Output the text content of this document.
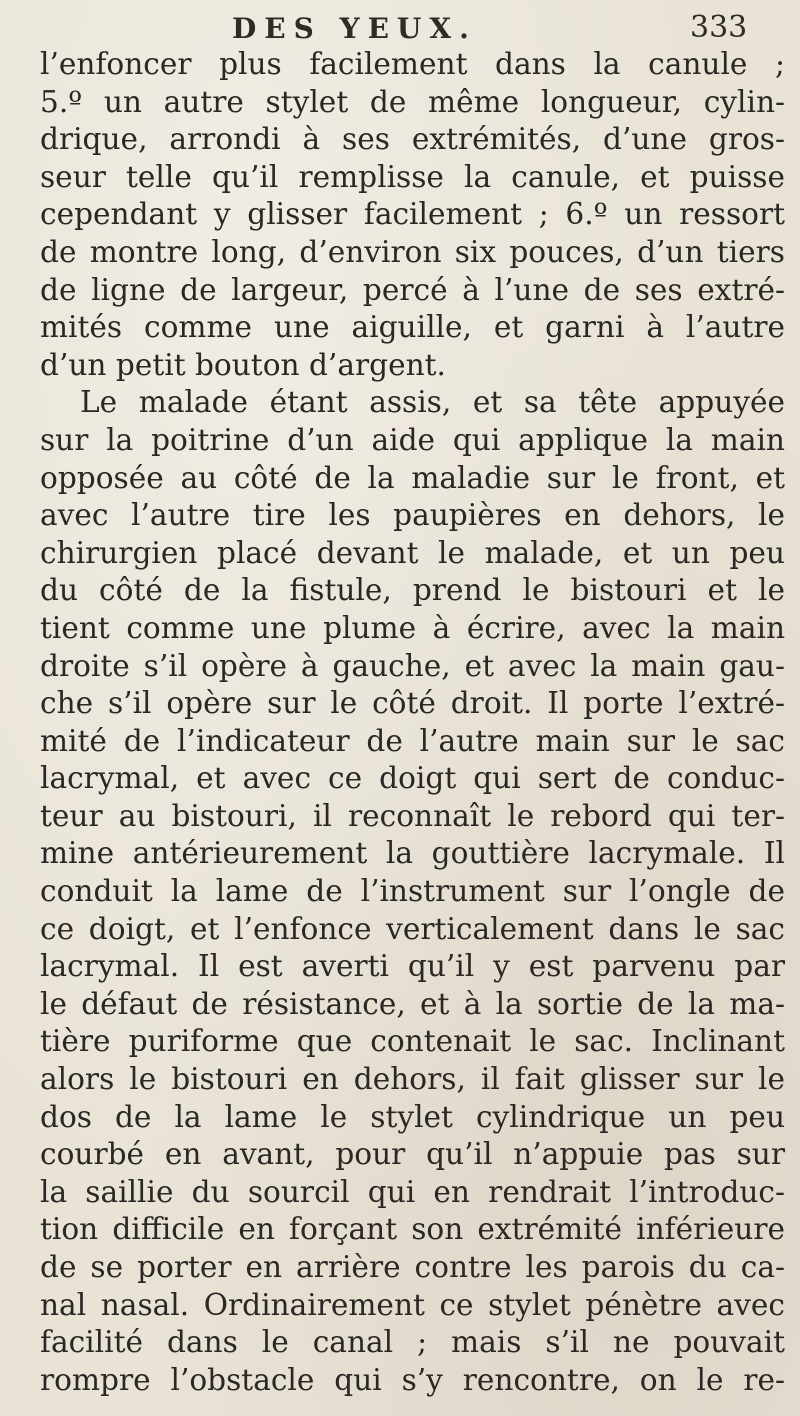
DES YEUX.	333
l’enfoncer plus facilement dans la canule ;
5.º un autre stylet de même longueur, cylin-
drique, arrondi à ses extrémités, d’une gros-
seur telle qu’il remplisse la canule, et puisse
cependant y glisser facilement ; 6.º un ressort
de montre long, d’environ six pouces, d’un tiers
de ligne de largeur, percé à l’une de ses extré-
mités comme une aiguille, et garni à l’autre
d’un petit bouton d’argent.
Le malade étant assis, et sa tête appuyée
sur la poitrine d’un aide qui applique la main
opposée au côté de la maladie sur le front, et
avec l’autre tire les paupières en dehors, le
chirurgien placé devant le malade, et un peu
du côté de la fistule, prend le bistouri et le
tient comme une plume à écrire, avec la main
droite s’il opère à gauche, et avec la main gau-
che s’il opère sur le côté droit. Il porte l’extré-
mité de l’indicateur de l’autre main sur le sac
lacrymal, et avec ce doigt qui sert de conduc-
teur au bistouri, il reconnaît le rebord qui ter-
mine antérieurement la gouttière lacrymale. Il
conduit la lame de l’instrument sur l’ongle de
ce doigt, et l’enfonce verticalement dans le sac
lacrymal. Il est averti qu’il y est parvenu par
le défaut de résistance, et à la sortie de la ma-
tière puriforme que contenait le sac. Inclinant
alors le bistouri en dehors, il fait glisser sur le
dos de la lame le stylet cylindrique un peu
courbé en avant, pour qu’il n’appuie pas sur
la saillie du sourcil qui en rendrait l’introduc-
tion difficile en forçant son extrémité inférieure
de se porter en arrière contre les parois du ca-
nal nasal. Ordinairement ce stylet pénètre avec
facilité dans le canal ; mais s’il ne pouvait
rompre l’obstacle qui s’y rencontre, on le re-
